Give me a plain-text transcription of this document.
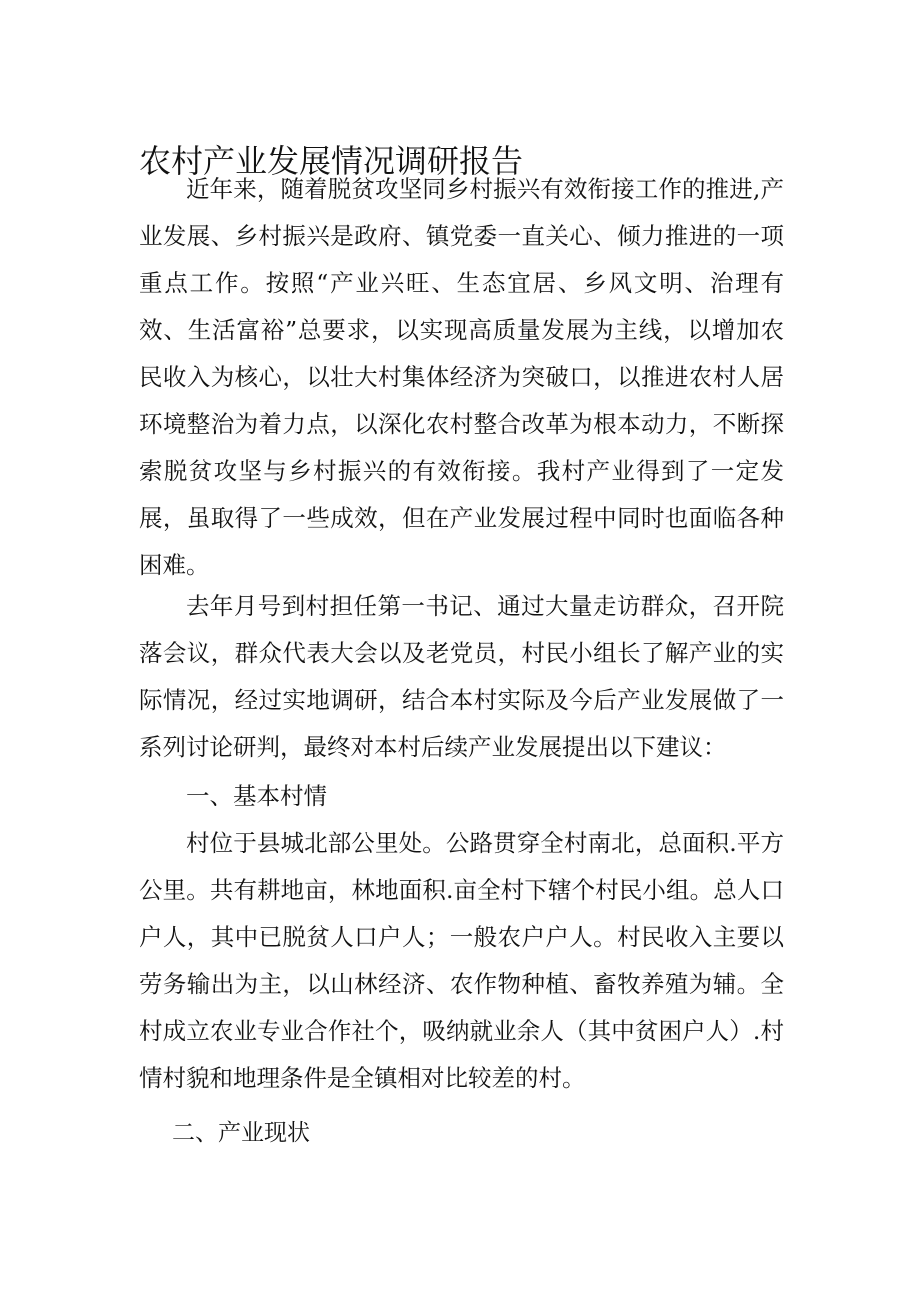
农村产业发展情况调研报告

近年来，随着脱贫攻坚同乡村振兴有效衔接工作的推进,产业发展、乡村振兴是政府、镇党委一直关心、倾力推进的一项重点工作。按照“产业兴旺、生态宜居、乡风文明、治理有效、生活富裕”总要求，以实现高质量发展为主线，以增加农民收入为核心，以壮大村集体经济为突破口，以推进农村人居环境整治为着力点，以深化农村整合改革为根本动力，不断探索脱贫攻坚与乡村振兴的有效衔接。我村产业得到了一定发展，虽取得了一些成效，但在产业发展过程中同时也面临各种困难。

去年月号到村担任第一书记、通过大量走访群众，召开院落会议，群众代表大会以及老党员，村民小组长了解产业的实际情况，经过实地调研，结合本村实际及今后产业发展做了一系列讨论研判，最终对本村后续产业发展提出以下建议：

一、基本村情

村位于县城北部公里处。公路贯穿全村南北，总面积.平方公里。共有耕地亩，林地面积.亩全村下辖个村民小组。总人口户人，其中已脱贫人口户人；一般农户户人。村民收入主要以劳务输出为主，以山林经济、农作物种植、畜牧养殖为辅。全村成立农业专业合作社个，吸纳就业余人（其中贫困户人）.村情村貌和地理条件是全镇相对比较差的村。

二、产业现状
